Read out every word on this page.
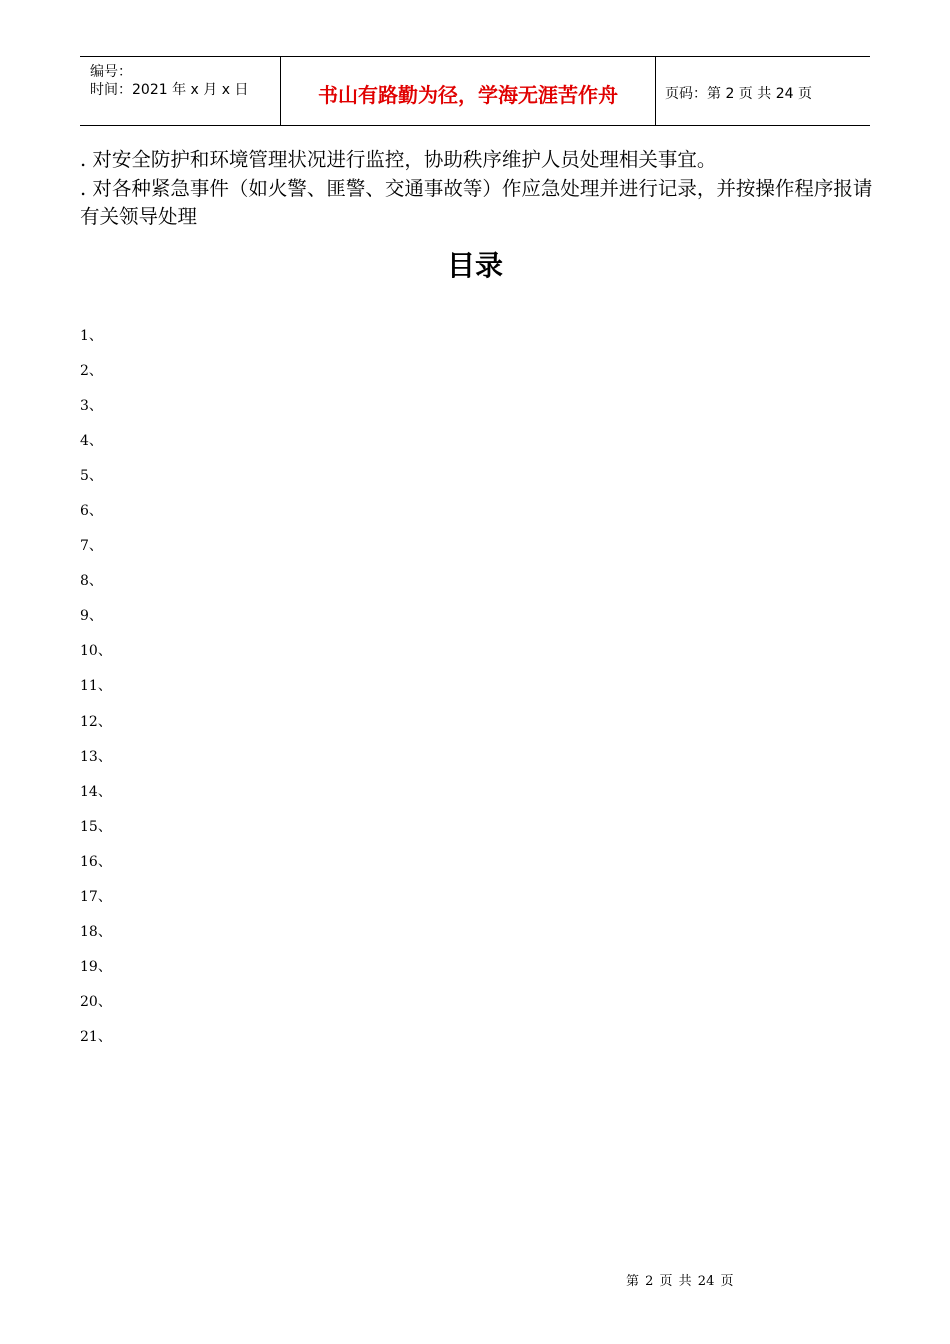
编号：
时间：2021 年 x 月 x 日	书山有路勤为径，学海无涯苦作舟	页码：第 2 页 共 24 页
. 对安全防护和环境管理状况进行监控，协助秩序维护人员处理相关事宜。
. 对各种紧急事件（如火警、匪警、交通事故等）作应急处理并进行记录，并按操作程序报请有关领导处理
目录
1、
2、
3、
4、
5、
6、
7、
8、
9、
10、
11、
12、
13、
14、
15、
16、
17、
18、
19、
20、
21、
第 2 页 共 24 页
